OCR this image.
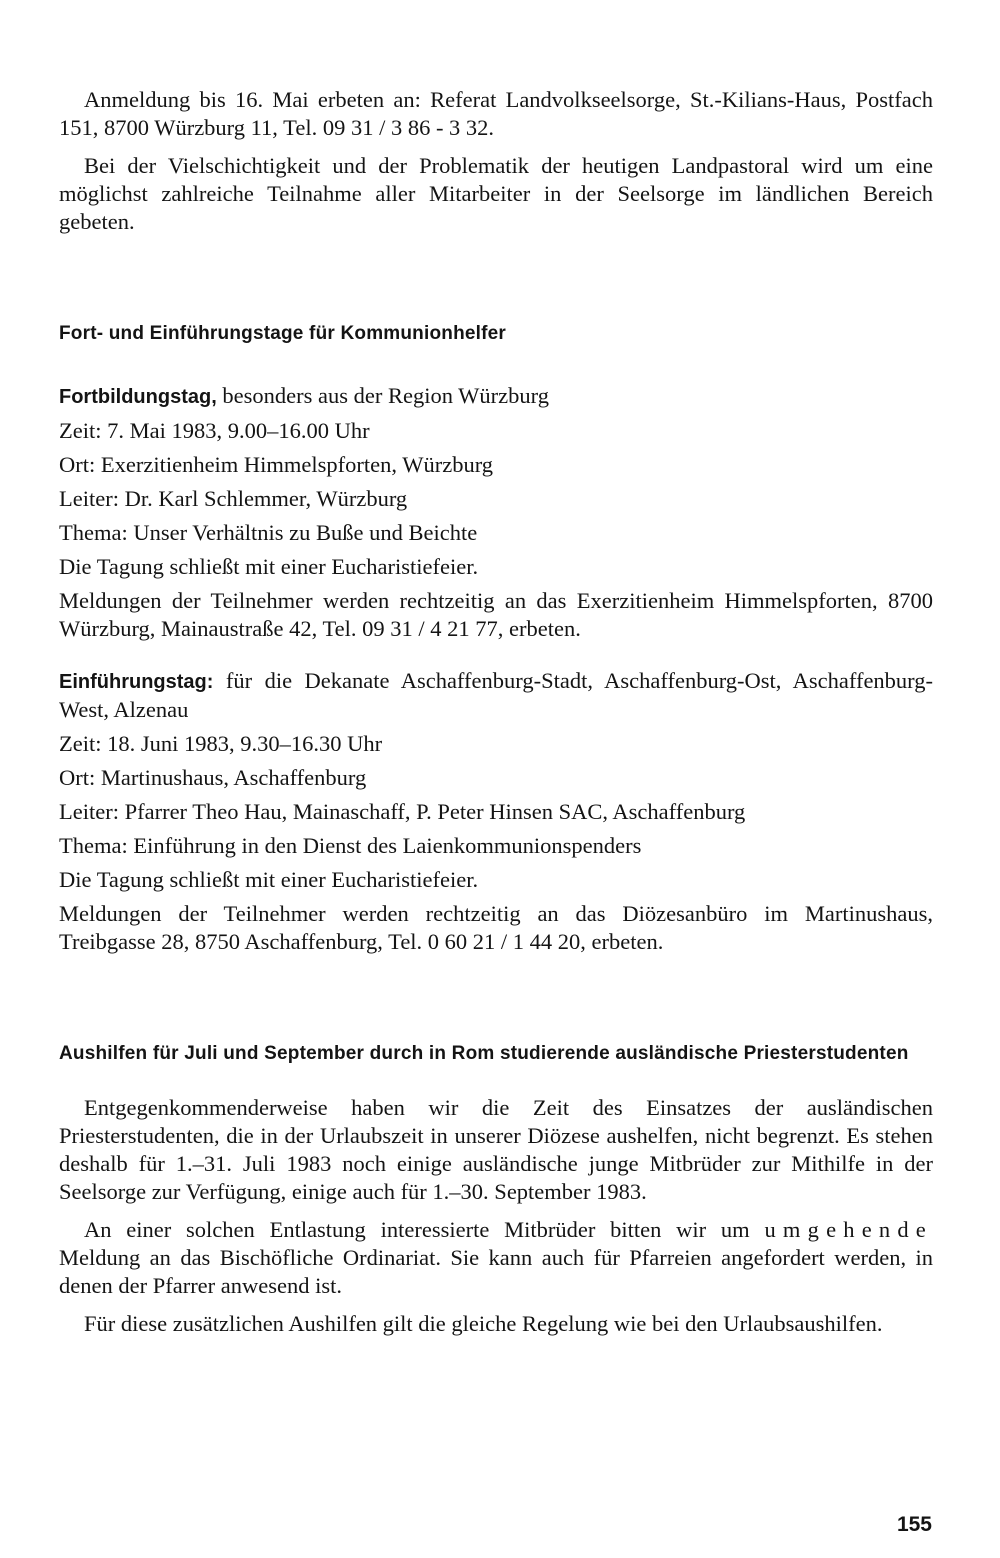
Anmeldung bis 16. Mai erbeten an: Referat Landvolkseelsorge, St.-Kilians-Haus, Postfach 151, 8700 Würzburg 11, Tel. 09 31 / 3 86 - 3 32.

Bei der Vielschichtigkeit und der Problematik der heutigen Landpastoral wird um eine möglichst zahlreiche Teilnahme aller Mitarbeiter in der Seelsorge im ländlichen Bereich gebeten.

Fort- und Einführungstage für Kommunionhelfer

Fortbildungstag, besonders aus der Region Würzburg

Zeit: 7. Mai 1983, 9.00–16.00 Uhr

Ort: Exerzitienheim Himmelspforten, Würzburg

Leiter: Dr. Karl Schlemmer, Würzburg

Thema: Unser Verhältnis zu Buße und Beichte

Die Tagung schließt mit einer Eucharistiefeier.

Meldungen der Teilnehmer werden rechtzeitig an das Exerzitienheim Himmelspforten, 8700 Würzburg, Mainaustraße 42, Tel. 09 31 / 4 21 77, erbeten.

Einführungstag: für die Dekanate Aschaffenburg-Stadt, Aschaffenburg-Ost, Aschaffenburg-West, Alzenau

Zeit: 18. Juni 1983, 9.30–16.30 Uhr

Ort: Martinushaus, Aschaffenburg

Leiter: Pfarrer Theo Hau, Mainaschaff, P. Peter Hinsen SAC, Aschaffenburg

Thema: Einführung in den Dienst des Laienkommunionspenders

Die Tagung schließt mit einer Eucharistiefeier.

Meldungen der Teilnehmer werden rechtzeitig an das Diözesanbüro im Martinushaus, Treibgasse 28, 8750 Aschaffenburg, Tel. 0 60 21 / 1 44 20, erbeten.

Aushilfen für Juli und September durch in Rom studierende ausländische Priesterstudenten

Entgegenkommenderweise haben wir die Zeit des Einsatzes der ausländischen Priesterstudenten, die in der Urlaubszeit in unserer Diözese aushelfen, nicht begrenzt. Es stehen deshalb für 1.–31. Juli 1983 noch einige ausländische junge Mitbrüder zur Mithilfe in der Seelsorge zur Verfügung, einige auch für 1.–30. September 1983.

An einer solchen Entlastung interessierte Mitbrüder bitten wir um umgehende Meldung an das Bischöfliche Ordinariat. Sie kann auch für Pfarreien angefordert werden, in denen der Pfarrer anwesend ist.

Für diese zusätzlichen Aushilfen gilt die gleiche Regelung wie bei den Urlaubsaushilfen.

155
